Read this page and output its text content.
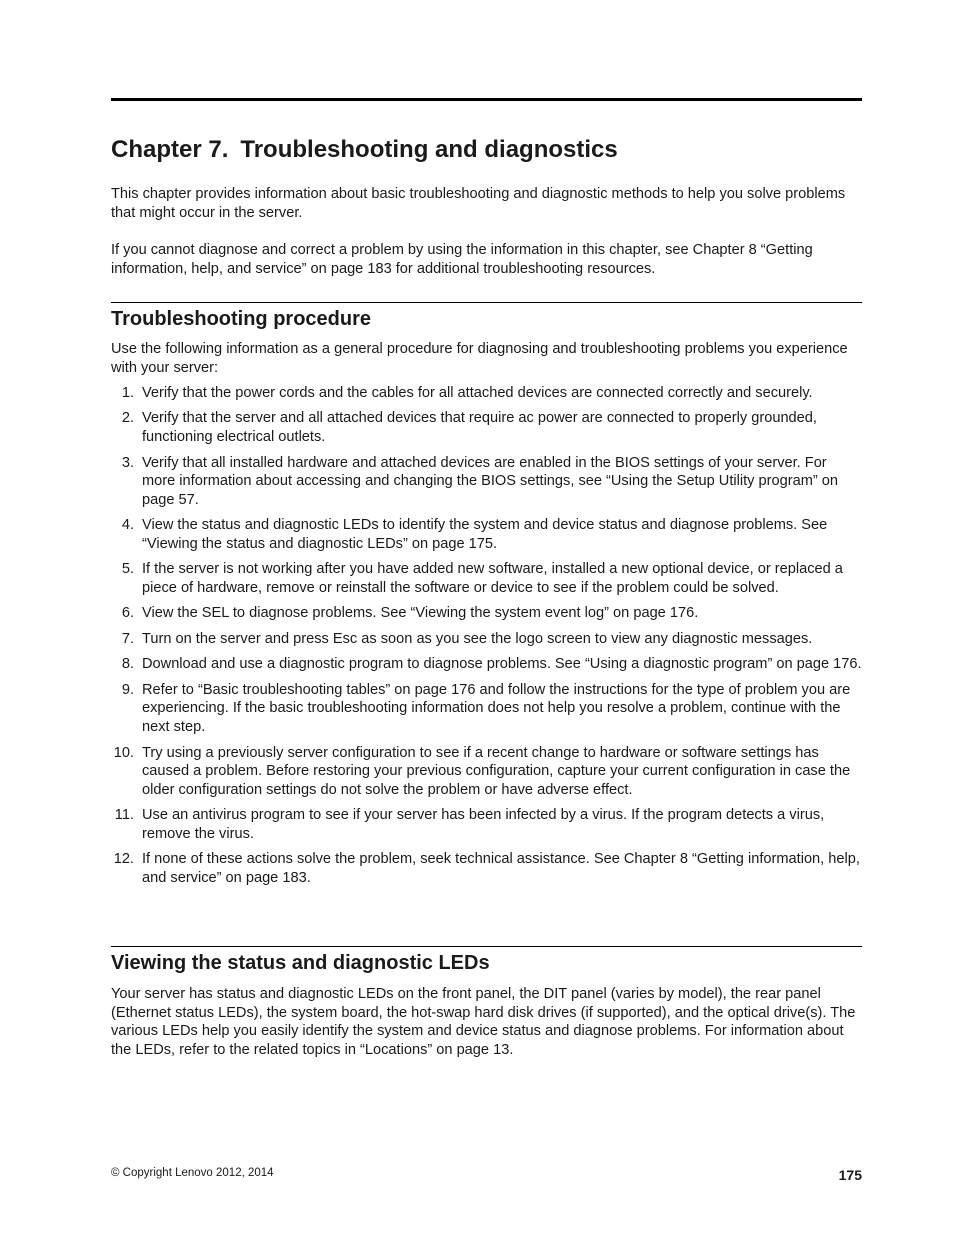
Chapter 7. Troubleshooting and diagnostics

This chapter provides information about basic troubleshooting and diagnostic methods to help you solve problems that might occur in the server.

If you cannot diagnose and correct a problem by using the information in this chapter, see Chapter 8 “Getting information, help, and service” on page 183 for additional troubleshooting resources.

Troubleshooting procedure

Use the following information as a general procedure for diagnosing and troubleshooting problems you experience with your server:

1. Verify that the power cords and the cables for all attached devices are connected correctly and securely.
2. Verify that the server and all attached devices that require ac power are connected to properly grounded, functioning electrical outlets.
3. Verify that all installed hardware and attached devices are enabled in the BIOS settings of your server. For more information about accessing and changing the BIOS settings, see “Using the Setup Utility program” on page 57.
4. View the status and diagnostic LEDs to identify the system and device status and diagnose problems. See “Viewing the status and diagnostic LEDs” on page 175.
5. If the server is not working after you have added new software, installed a new optional device, or replaced a piece of hardware, remove or reinstall the software or device to see if the problem could be solved.
6. View the SEL to diagnose problems. See “Viewing the system event log” on page 176.
7. Turn on the server and press Esc as soon as you see the logo screen to view any diagnostic messages.
8. Download and use a diagnostic program to diagnose problems. See “Using a diagnostic program” on page 176.
9. Refer to “Basic troubleshooting tables” on page 176 and follow the instructions for the type of problem you are experiencing. If the basic troubleshooting information does not help you resolve a problem, continue with the next step.
10. Try using a previously server configuration to see if a recent change to hardware or software settings has caused a problem. Before restoring your previous configuration, capture your current configuration in case the older configuration settings do not solve the problem or have adverse effect.
11. Use an antivirus program to see if your server has been infected by a virus. If the program detects a virus, remove the virus.
12. If none of these actions solve the problem, seek technical assistance. See Chapter 8 “Getting information, help, and service” on page 183.
Viewing the status and diagnostic LEDs

Your server has status and diagnostic LEDs on the front panel, the DIT panel (varies by model), the rear panel (Ethernet status LEDs), the system board, the hot-swap hard disk drives (if supported), and the optical drive(s). The various LEDs help you easily identify the system and device status and diagnose problems. For information about the LEDs, refer to the related topics in “Locations” on page 13.

© Copyright Lenovo 2012, 2014	175
